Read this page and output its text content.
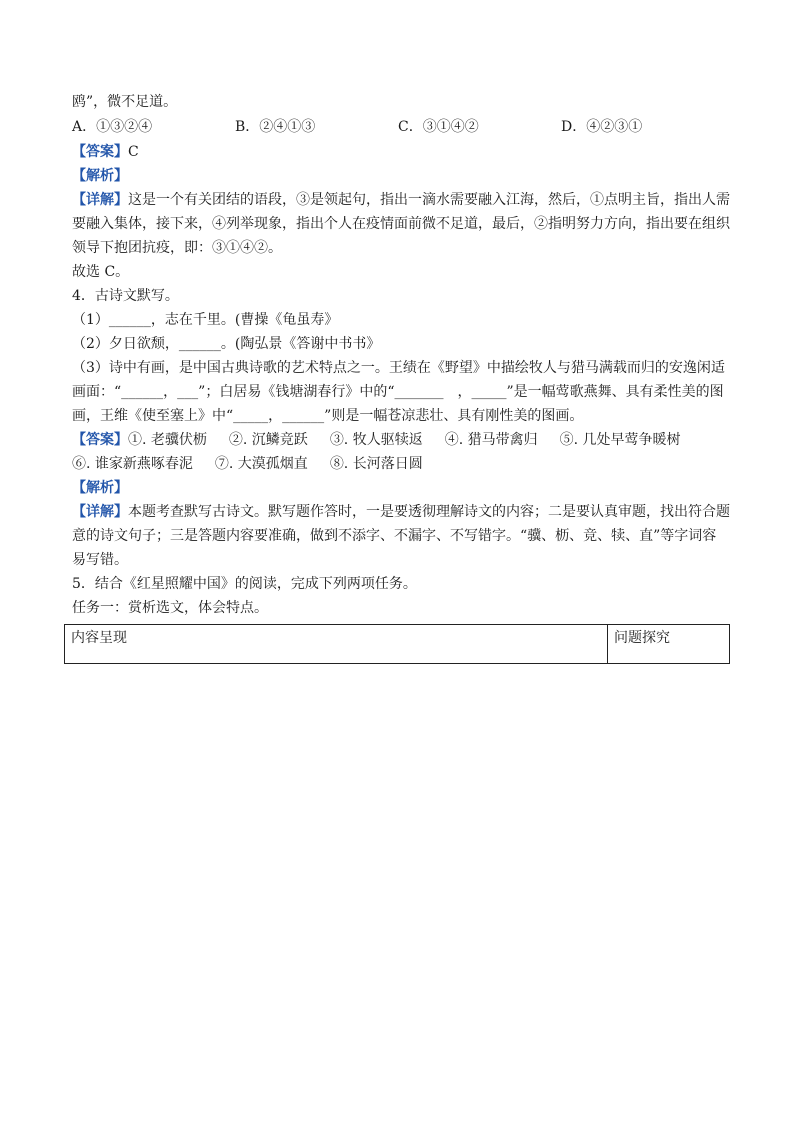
鸥”，微不足道。

A．①③②④	B．②④①③	C．③①④②	D．④②③①

【答案】C

【解析】

【详解】这是一个有关团结的语段，③是领起句，指出一滴水需要融入江海，然后，①点明主旨，指出人需要融入集体，接下来，④列举现象，指出个人在疫情面前微不足道，最后，②指明努力方向，指出要在组织领导下抱团抗疫，即：③①④②。

故选 C。

4．古诗文默写。

（1）______，志在千里。(曹操《龟虽寿》

（2）夕日欲颓，______。(陶弘景《答谢中书书》

（3）诗中有画，是中国古典诗歌的艺术特点之一。王绩在《野望》中描绘牧人与猎马满载而归的安逸闲适画面：“______，___”；白居易《钱塘湖春行》中的“_______　，_____”是一幅莺歌燕舞、具有柔性美的图画，王维《使至塞上》中“_____，______”则是一幅苍凉悲壮、具有刚性美的图画。

【答案】①. 老骥伏枥 ②. 沉鳞竞跃 ③. 牧人驱犊返 ④. 猎马带禽归 ⑤. 几处早莺争暖树⑥. 谁家新燕啄春泥 ⑦. 大漠孤烟直 ⑧. 长河落日圆

【解析】

【详解】本题考查默写古诗文。默写题作答时，一是要透彻理解诗文的内容；二是要认真审题，找出符合题意的诗文句子；三是答题内容要准确，做到不添字、不漏字、不写错字。“骥、枥、竞、犊、直”等字词容易写错。

5．结合《红星照耀中国》的阅读，完成下列两项任务。

任务一：赏析选文，体会特点。

内容呈现	问题探究
